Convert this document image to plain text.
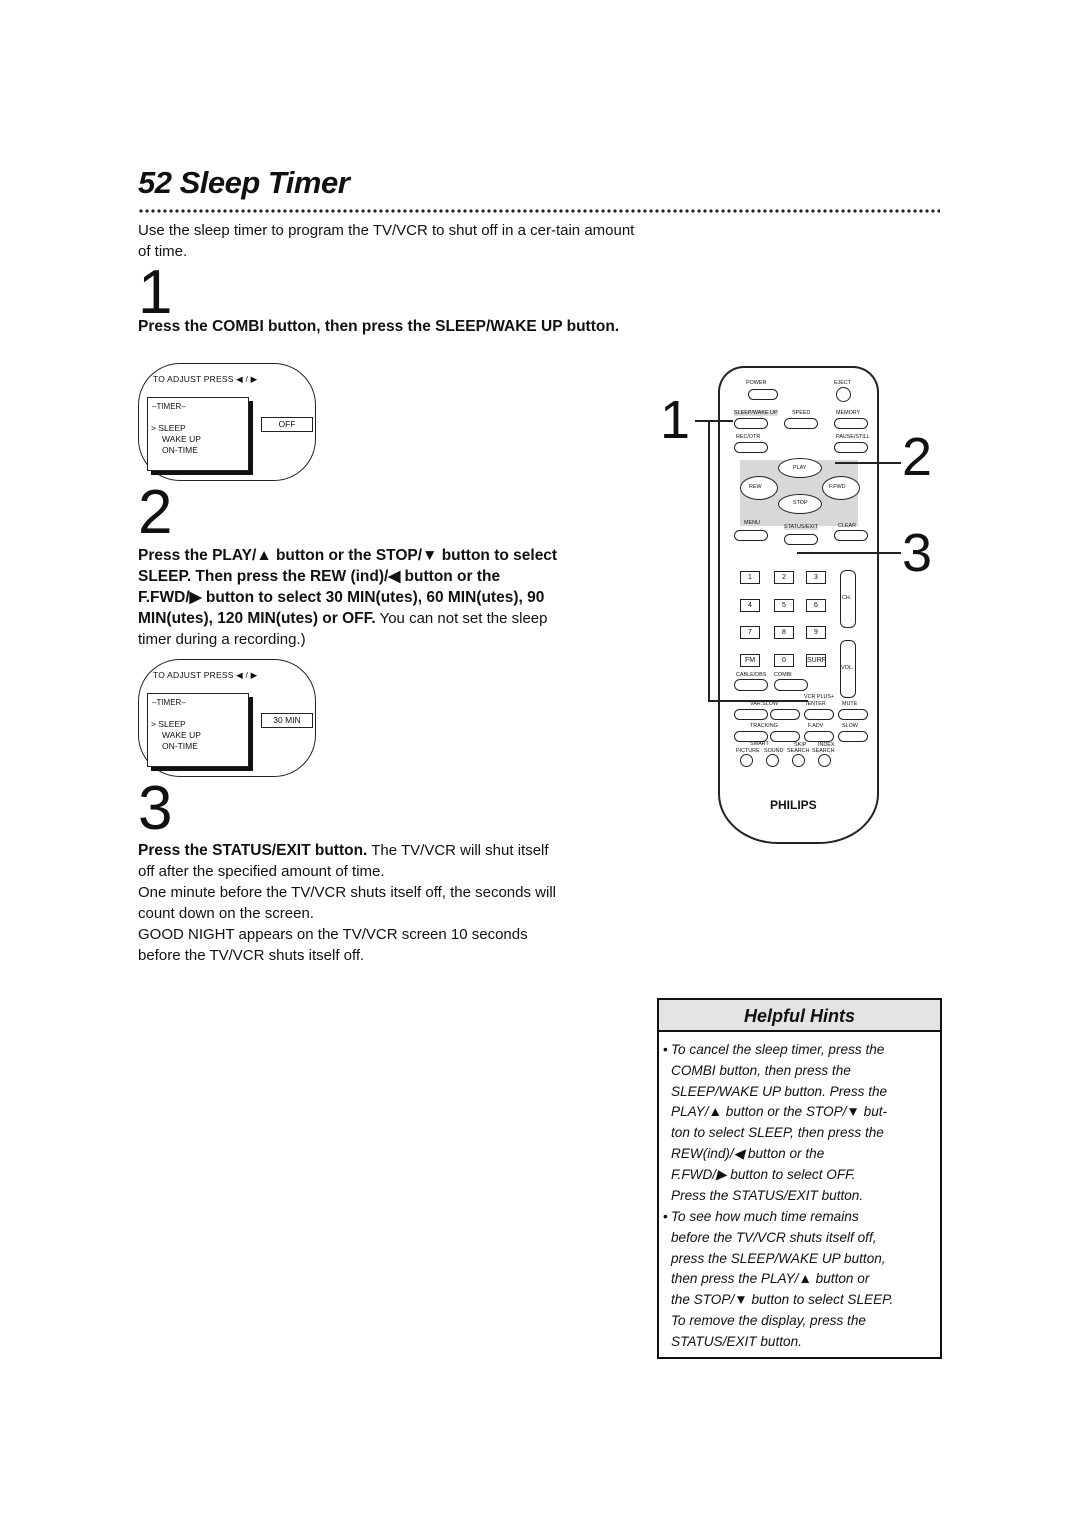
52 Sleep Timer
Use the sleep timer to program the TV/VCR to shut off in a cer-tain amount of time.
1
Press the COMBI button, then press the SLEEP/WAKE UP button.
TO ADJUST PRESS ◀ / ▶
–TIMER–
> SLEEP
WAKE UP
ON-TIME
OFF
2
Press the PLAY/▲ button or the STOP/▼ button to select
SLEEP. Then press the REW (ind)/◀ button or the
F.FWD/▶ button to select 30 MIN(utes), 60 MIN(utes), 90
MIN(utes), 120 MIN(utes) or OFF. You can not set the sleep
timer during a recording.)
TO ADJUST PRESS ◀ / ▶
–TIMER–
> SLEEP
WAKE UP
ON-TIME
30 MIN
3
Press the STATUS/EXIT button. The TV/VCR will shut itself
off after the specified amount of time.
One minute before the TV/VCR shuts itself off, the seconds will
count down on the screen.
GOOD NIGHT appears on the TV/VCR screen 10 seconds
before the TV/VCR shuts itself off.
1
2
3
POWER	EJECT
SLEEP/WAKE UP	SPEED	MEMORY
REC/OTR	PAUSE/STILL
PLAY
REW	F.FWD
STOP
MENU
STATUS/EXIT	CLEAR
1	2	3
4	5	6
7	8	9
FM	0	SURF
CH.
VOL.
CABLE/DBS COMBI
VCR PLUS+
VAR.SLOW	/ENTER	MUTE
TRACKING	F.ADV	SLOW
SMART	SKIP INDEX
PICTURE SOUND SEARCH SEARCH
PHILIPS
Helpful Hints
• To cancel the sleep timer, press the
COMBI button, then press the
SLEEP/WAKE UP button. Press the
PLAY/▲ button or the STOP/▼ but-
ton to select SLEEP, then press the
REW(ind)/◀ button or the
F.FWD/▶ button to select OFF.
Press the STATUS/EXIT button.
• To see how much time remains
before the TV/VCR shuts itself off,
press the SLEEP/WAKE UP button,
then press the PLAY/▲ button or
the STOP/▼ button to select SLEEP.
To remove the display, press the
STATUS/EXIT button.
